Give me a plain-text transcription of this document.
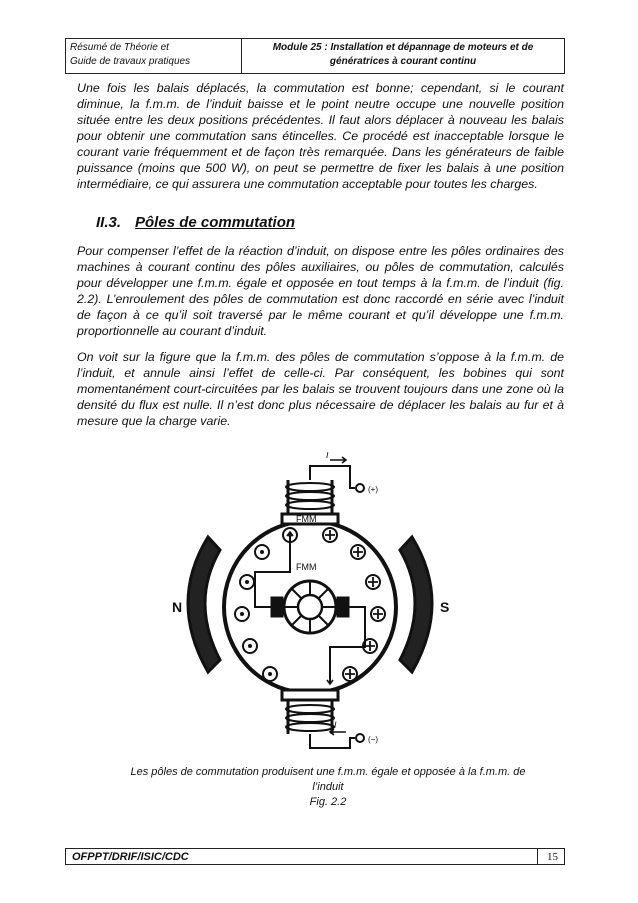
Résumé de Théorie et
Guide de travaux pratiques
Module 25 : Installation et dépannage de moteurs et de
génératrices à courant continu

Une fois les balais déplacés, la commutation est bonne; cependant, si le courant diminue, la f.m.m. de l’induit baisse et le point neutre occupe une nouvelle position située entre les deux positions précédentes. Il faut alors déplacer à nouveau les balais pour obtenir une commutation sans étincelles. Ce procédé est inacceptable lorsque le courant varie fréquemment et de façon très remarquée. Dans les générateurs de faible puissance (moins que 500 W), on peut se permettre de fixer les balais à une position intermédiaire, ce qui assurera une commutation acceptable pour toutes les charges.

II.3. Pôles de commutation

Pour compenser l’effet de la réaction d’induit, on dispose entre les pôles ordinaires des machines à courant continu des pôles auxiliaires, ou pôles de commutation, calculés pour développer une f.m.m. égale et opposée en tout temps à la f.m.m. de l’induit (fig. 2.2). L’enroulement des pôles de commutation est donc raccordé en série avec l’induit de façon à ce qu’il soit traversé par le même courant et qu’il développe une f.m.m. proportionnelle au courant d’induit.

On voit sur la figure que la f.m.m. des pôles de commutation s’oppose à la f.m.m. de l’induit, et annule ainsi l’effet de celle-ci. Par conséquent, les bobines qui sont momentanément court-circuitées par les balais se trouvent toujours dans une zone où la densité du flux est nulle. Il n’est donc plus nécessaire de déplacer les balais au fur et à mesure que la charge varie.

N	S
FMM
FMM
I
I
(+)
(−)
Les pôles de commutation produisent une f.m.m. égale et opposée à la f.m.m. de
l’induit
Fig. 2.2
OFPPT/DRIF/ISIC/CDC	15
